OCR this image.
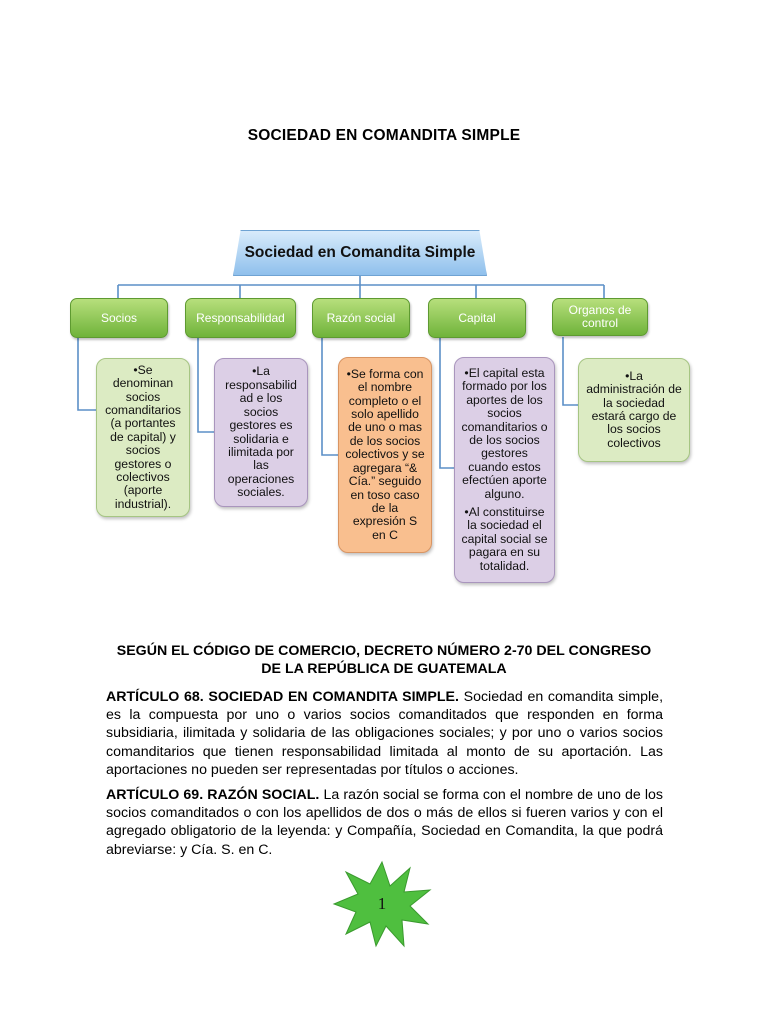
SOCIEDAD EN COMANDITA SIMPLE
Sociedad en Comandita Simple
Socios	Responsabilidad	Razón social	Capital
Organos de control

•Se denominan socios comanditarios (a portantes de capital) y socios gestores o colectivos (aporte industrial).

•La responsabilid ad e los socios gestores es solidaria e ilimitada por las operaciones sociales.

•Se forma con el nombre completo o el solo apellido de uno o mas de los socios colectivos y se agregara “& Cía.” seguido en toso caso de la expresión S en C

•El capital esta formado por los aportes de los socios comanditarios o de los socios gestores cuando estos efectúen aporte alguno.

•Al constituirse la sociedad el capital social se pagara en su totalidad.

•La administración de la sociedad estará cargo de los socios colectivos

SEGÚN EL CÓDIGO DE COMERCIO, DECRETO NÚMERO 2-70 DEL CONGRESO DE LA REPÚBLICA DE GUATEMALA
ARTÍCULO 68. SOCIEDAD EN COMANDITA SIMPLE. Sociedad en comandita simple, es la compuesta por uno o varios socios comanditados que responden en forma subsidiaria, ilimitada y solidaria de las obligaciones sociales; y por uno o varios socios comanditarios que tienen responsabilidad limitada al monto de su aportación. Las aportaciones no pueden ser representadas por títulos o acciones.
ARTÍCULO 69. RAZÓN SOCIAL. La razón social se forma con el nombre de uno de los socios comanditados o con los apellidos de dos o más de ellos si fueren varios y con el agregado obligatorio de la leyenda: y Compañía, Sociedad en Comandita, la que podrá abreviarse: y Cía. S. en C.
1
